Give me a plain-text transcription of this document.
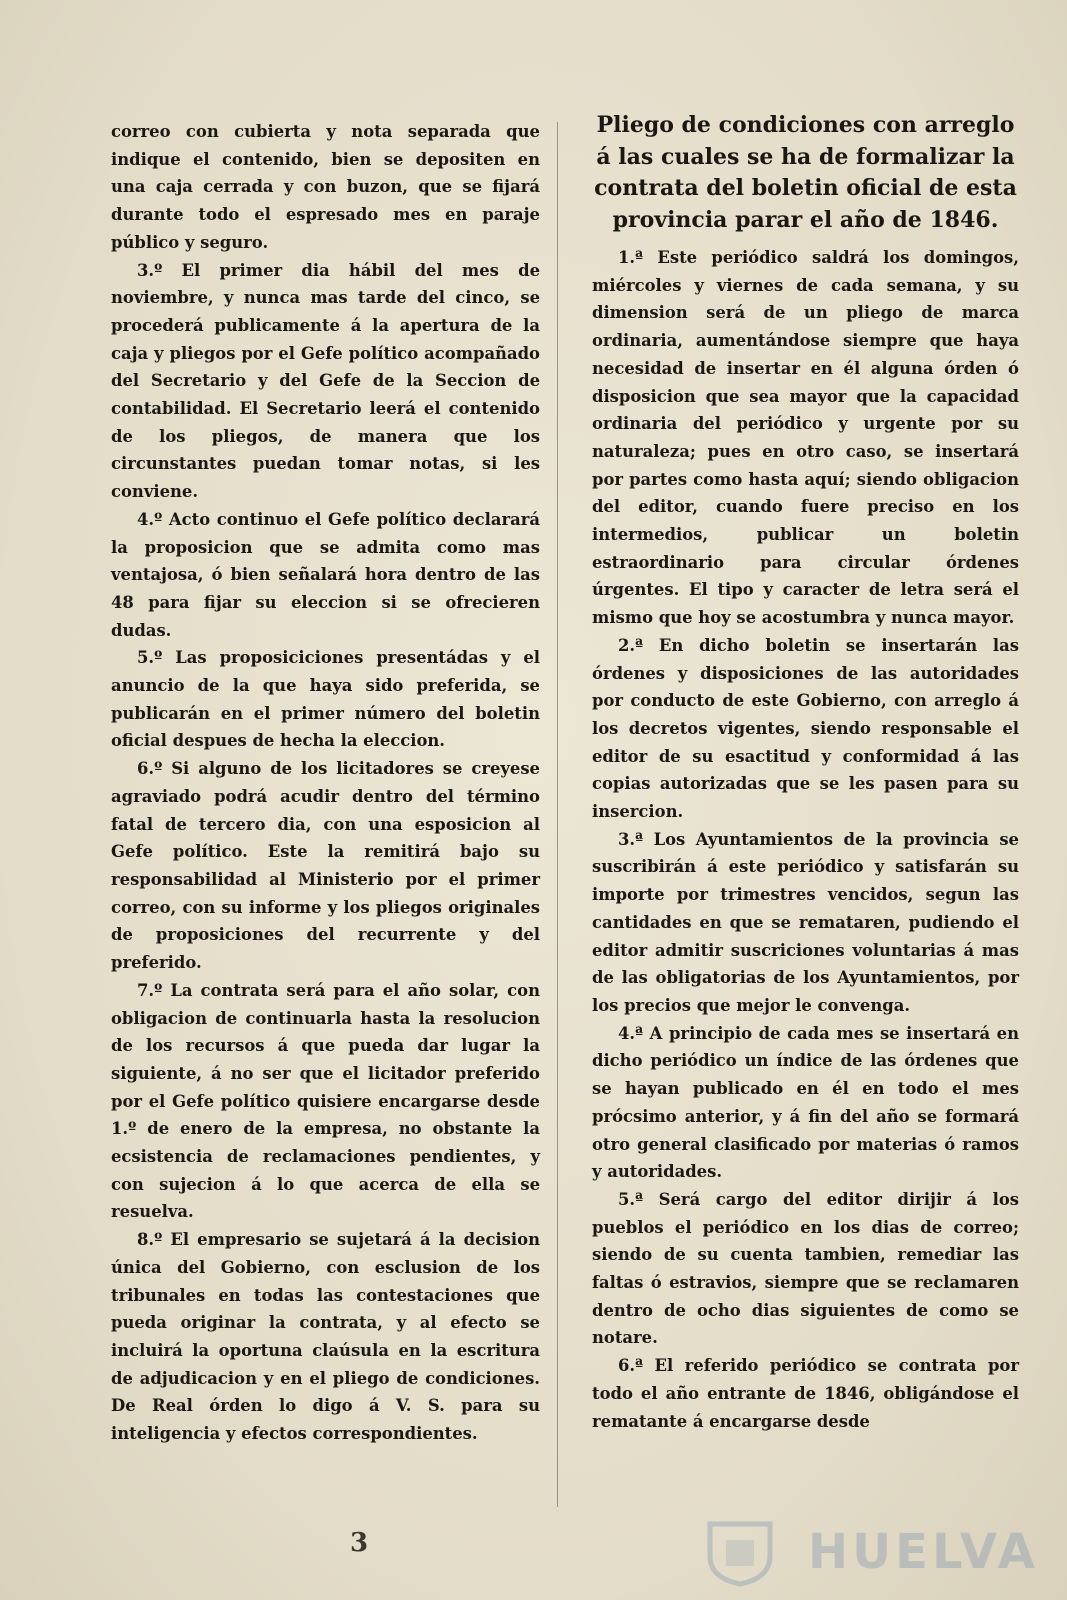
correo con cubierta y nota separada que indique el contenido, bien se depositen en una caja cerrada y con buzon, que se fijará durante todo el espresado mes en paraje público y seguro.

3.º El primer dia hábil del mes de noviembre, y nunca mas tarde del cinco, se procederá publicamente á la apertura de la caja y pliegos por el Gefe político acompañado del Secretario y del Gefe de la Seccion de contabilidad. El Secretario leerá el contenido de los pliegos, de manera que los circunstantes puedan tomar notas, si les conviene.

4.º Acto continuo el Gefe político declarará la proposicion que se admita como mas ventajosa, ó bien señalará hora dentro de las 48 para fijar su eleccion si se ofrecieren dudas.

5.º Las proposiciciones presentádas y el anuncio de la que haya sido preferida, se publicarán en el primer número del boletin oficial despues de hecha la eleccion.

6.º Si alguno de los licitadores se creyese agraviado podrá acudir dentro del término fatal de tercero dia, con una esposicion al Gefe político. Este la remitirá bajo su responsabilidad al Ministerio por el primer correo, con su informe y los pliegos originales de proposiciones del recurrente y del preferido.

7.º La contrata será para el año solar, con obligacion de continuarla hasta la resolucion de los recursos á que pueda dar lugar la siguiente, á no ser que el licitador preferido por el Gefe político quisiere encargarse desde 1.º de enero de la empresa, no obstante la ecsistencia de reclamaciones pendientes, y con sujecion á lo que acerca de ella se resuelva.

8.º El empresario se sujetará á la decision única del Gobierno, con esclusion de los tribunales en todas las contestaciones que pueda originar la contrata, y al efecto se incluirá la oportuna claúsula en la escritura de adjudicacion y en el pliego de condiciones. De Real órden lo digo á V. S. para su inteligencia y efectos correspondientes.

Pliego de condiciones con arreglo á las cuales se ha de formalizar la contrata del boletin oficial de esta provincia parar el año de 1846.

1.ª Este periódico saldrá los domingos, miércoles y viernes de cada semana, y su dimension será de un pliego de marca ordinaria, aumentándose siempre que haya necesidad de insertar en él alguna órden ó disposicion que sea mayor que la capacidad ordinaria del periódico y urgente por su naturaleza; pues en otro caso, se insertará por partes como hasta aquí; siendo obligacion del editor, cuando fuere preciso en los intermedios, publicar un boletin estraordinario para circular órdenes úrgentes. El tipo y caracter de letra será el mismo que hoy se acostumbra y nunca mayor.

2.ª En dicho boletin se insertarán las órdenes y disposiciones de las autoridades por conducto de este Gobierno, con arreglo á los decretos vigentes, siendo responsable el editor de su esactitud y conformidad á las copias autorizadas que se les pasen para su insercion.

3.ª Los Ayuntamientos de la provincia se suscribirán á este periódico y satisfarán su importe por trimestres vencidos, segun las cantidades en que se remataren, pudiendo el editor admitir suscriciones voluntarias á mas de las obligatorias de los Ayuntamientos, por los precios que mejor le convenga.

4.ª A principio de cada mes se insertará en dicho periódico un índice de las órdenes que se hayan publicado en él en todo el mes prócsimo anterior, y á fin del año se formará otro general clasificado por materias ó ramos y autoridades.

5.ª Será cargo del editor dirijir á los pueblos el periódico en los dias de correo; siendo de su cuenta tambien, remediar las faltas ó estravios, siempre que se reclamaren dentro de ocho dias siguientes de como se notare.

6.ª El referido periódico se contrata por todo el año entrante de 1846, obligándose el rematante á encargarse desde

3	HUELVA
